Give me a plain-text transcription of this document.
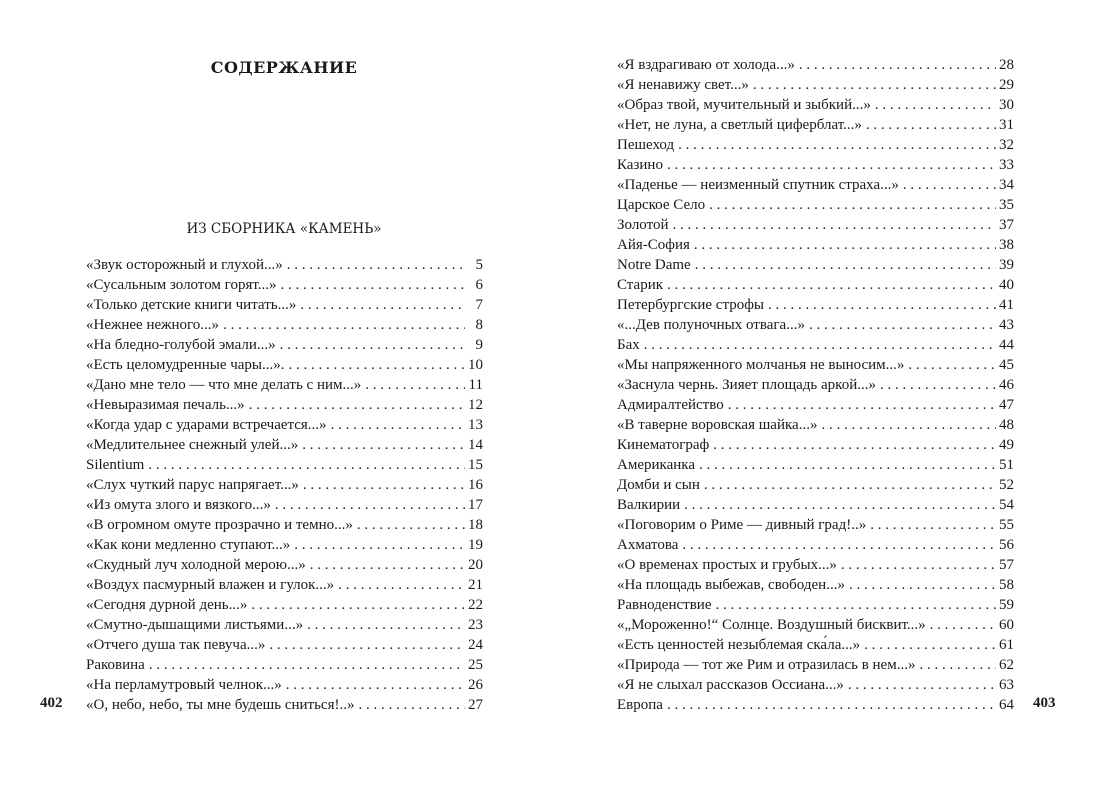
СОДЕРЖАНИЕ
ИЗ СБОРНИКА «КАМЕНЬ»
«Звук осторожный и глухой...» . . .	5
«Сусальным золотом горят...» . . .	6
«Только детские книги читать...» . . .	7
«Нежнее нежного...» . . .	8
«На бледно-голубой эмали...» . . .	9
«Есть целомудренные чары...». . . .	10
«Дано мне тело — что мне делать с ним...» . . .	11
«Невыразимая печаль...» . . .	12
«Когда удар с ударами встречается...» . . .	13
«Медлительнее снежный улей...» . . .	14
Silentium . . .	15
«Слух чуткий парус напрягает...» . . .	16
«Из омута злого и вязкого...» . . .	17
«В огромном омуте прозрачно и темно...» . . .	18
«Как кони медленно ступают...» . . .	19
«Скудный луч холодной мерою...» . . .	20
«Воздух пасмурный влажен и гулок...» . . .	21
«Сегодня дурной день...» . . .	22
«Смутно-дышащими листьями...» . . .	23
«Отчего душа так певуча...» . . .	24
Раковина . . .	25
«На перламутровый челнок...» . . .	26
«О, небо, небо, ты мне будешь сниться!..» . . .	27
«Я вздрагиваю от холода...» . . .	28
«Я ненавижу свет...» . . .	29
«Образ твой, мучительный и зыбкий...» . . .	30
«Нет, не луна, а светлый циферблат...» . . .	31
Пешеход . . .	32
Казино . . .	33
«Паденье — неизменный спутник страха...» . . .	34
Царское Село . . .	35
Золотой . . .	37
Айя-София . . .	38
Notre Dame . . .	39
Старик . . .	40
Петербургские строфы . . .	41
«...Дев полуночных отвага...» . . .	43
Бах . . .	44
«Мы напряженного молчанья не выносим...» . . .	45
«Заснула чернь. Зияет площадь аркой...» . . .	46
Адмиралтейство . . .	47
«В таверне воровская шайка...» . . .	48
Кинематограф . . .	49
Американка . . .	51
Домби и сын . . .	52
Валкирии . . .	54
«Поговорим о Риме — дивный град!..» . . .	55
Ахматова . . .	56
«О временах простых и грубых...» . . .	57
«На площадь выбежав, свободен...» . . .	58
Равноденствие . . .	59
«„Мороженно!“ Солнце. Воздушный бисквит...» . . .	60
«Есть ценностей незыблемая ска́ла...» . . .	61
«Природа — тот же Рим и отразилась в нем...» . . .	62
«Я не слыхал рассказов Оссиана...» . . .	63
Европа . . .	64
402	403
